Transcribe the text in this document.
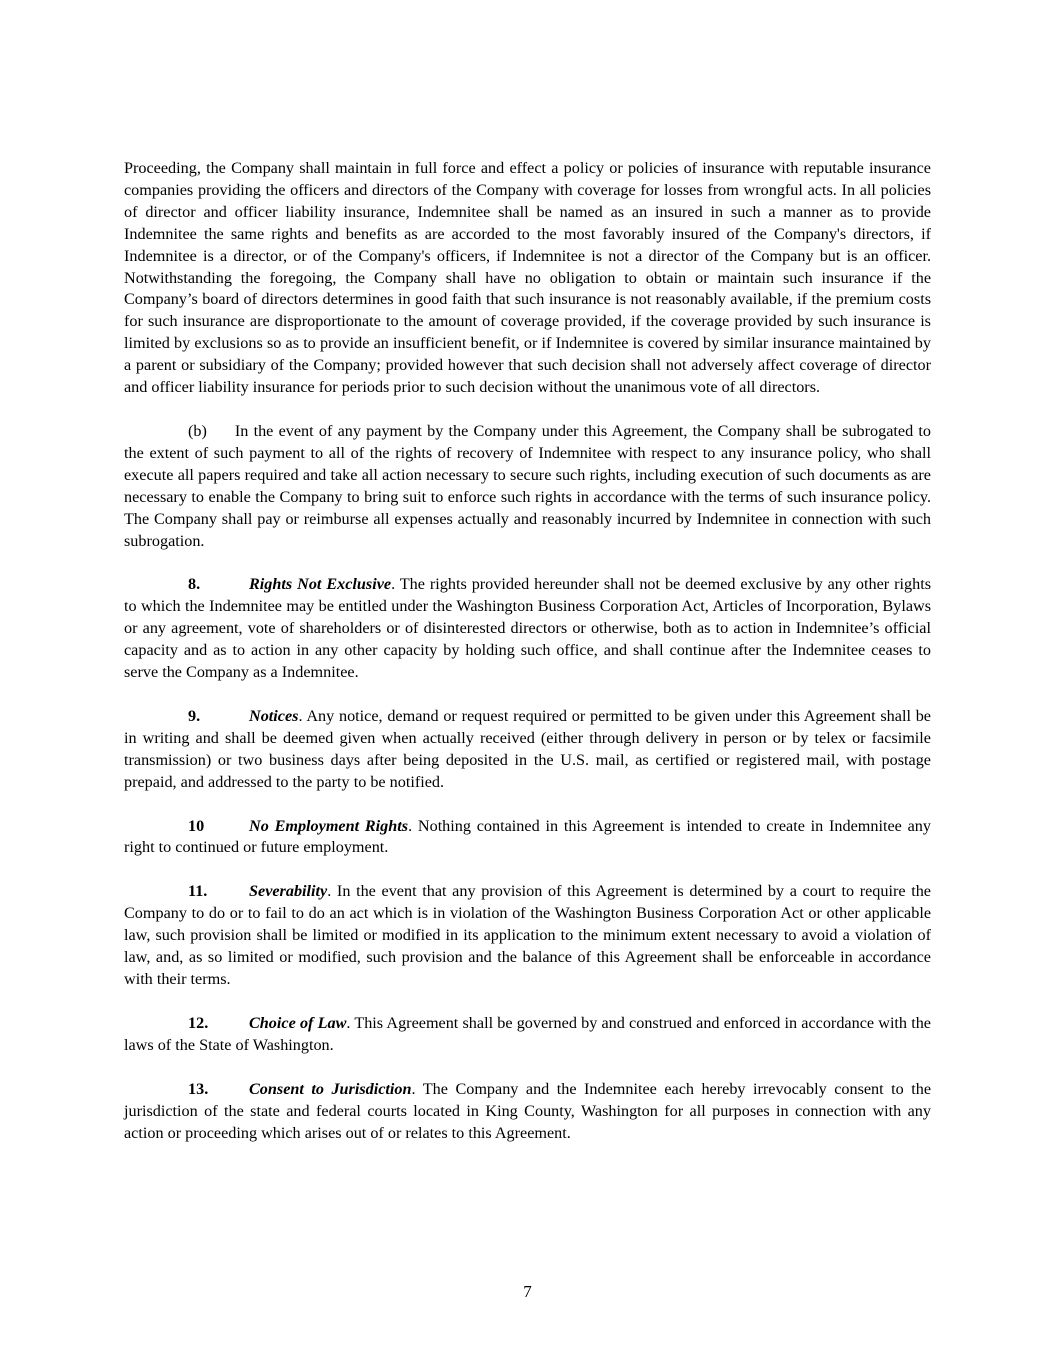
Proceeding, the Company shall maintain in full force and effect a policy or policies of insurance with reputable insurance companies providing the officers and directors of the Company with coverage for losses from wrongful acts. In all policies of director and officer liability insurance, Indemnitee shall be named as an insured in such a manner as to provide Indemnitee the same rights and benefits as are accorded to the most favorably insured of the Company's directors, if Indemnitee is a director, or of the Company's officers, if Indemnitee is not a director of the Company but is an officer. Notwithstanding the foregoing, the Company shall have no obligation to obtain or maintain such insurance if the Company’s board of directors determines in good faith that such insurance is not reasonably available, if the premium costs for such insurance are disproportionate to the amount of coverage provided, if the coverage provided by such insurance is limited by exclusions so as to provide an insufficient benefit, or if Indemnitee is covered by similar insurance maintained by a parent or subsidiary of the Company; provided however that such decision shall not adversely affect coverage of director and officer liability insurance for periods prior to such decision without the unanimous vote of all directors.

(b) In the event of any payment by the Company under this Agreement, the Company shall be subrogated to the extent of such payment to all of the rights of recovery of Indemnitee with respect to any insurance policy, who shall execute all papers required and take all action necessary to secure such rights, including execution of such documents as are necessary to enable the Company to bring suit to enforce such rights in accordance with the terms of such insurance policy. The Company shall pay or reimburse all expenses actually and reasonably incurred by Indemnitee in connection with such subrogation.

8.	Rights Not Exclusive. The rights provided hereunder shall not be deemed exclusive by any other rights to which the Indemnitee may be entitled under the Washington Business Corporation Act, Articles of Incorporation, Bylaws or any agreement, vote of shareholders or of disinterested directors or otherwise, both as to action in Indemnitee’s official capacity and as to action in any other capacity by holding such office, and shall continue after the Indemnitee ceases to serve the Company as a Indemnitee.

9.	Notices. Any notice, demand or request required or permitted to be given under this Agreement shall be in writing and shall be deemed given when actually received (either through delivery in person or by telex or facsimile transmission) or two business days after being deposited in the U.S. mail, as certified or registered mail, with postage prepaid, and addressed to the party to be notified.

10	No Employment Rights. Nothing contained in this Agreement is intended to create in Indemnitee any right to continued or future employment.

11.	Severability. In the event that any provision of this Agreement is determined by a court to require the Company to do or to fail to do an act which is in violation of the Washington Business Corporation Act or other applicable law, such provision shall be limited or modified in its application to the minimum extent necessary to avoid a violation of law, and, as so limited or modified, such provision and the balance of this Agreement shall be enforceable in accordance with their terms.

12.	Choice of Law. This Agreement shall be governed by and construed and enforced in accordance with the laws of the State of Washington.

13.	Consent to Jurisdiction. The Company and the Indemnitee each hereby irrevocably consent to the jurisdiction of the state and federal courts located in King County, Washington for all purposes in connection with any action or proceeding which arises out of or relates to this Agreement.

7
